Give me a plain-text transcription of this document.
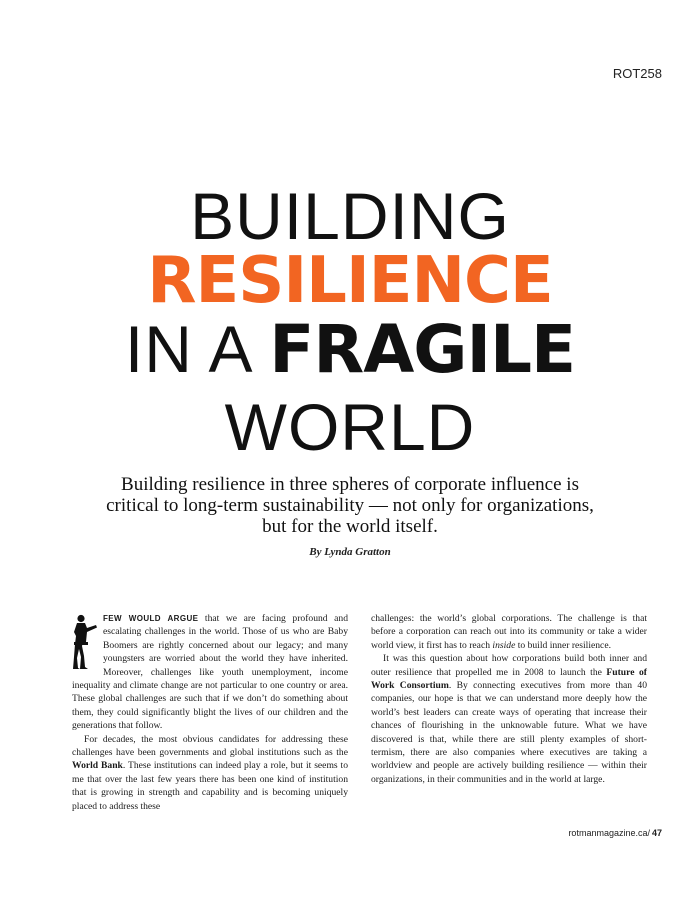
ROT258
BUILDING
RESILIENCE
IN A FRAGILE
WORLD
Building resilience in three spheres of corporate influence is critical to long-term sustainability — not only for organizations, but for the world itself.
By Lynda Gratton

FEW WOULD ARGUE that we are facing profound and escalating challenges in the world. Those of us who are Baby Boomers are rightly concerned about our legacy; and many youngsters are worried about the world they have inherited. Moreover, challenges like youth unemployment, income inequality and climate change are not particular to one country or area. These global challenges are such that if we don’t do something about them, they could significantly blight the lives of our children and the generations that follow.

For decades, the most obvious candidates for addressing these challenges have been governments and global institutions such as the World Bank. These institutions can indeed play a role, but it seems to me that over the last few years there has been one kind of institution that is growing in strength and capability and is becoming uniquely placed to address these

challenges: the world’s global corporations. The challenge is that before a corporation can reach out into its community or take a wider world view, it first has to reach inside to build inner resilience.

It was this question about how corporations build both inner and outer resilience that propelled me in 2008 to launch the Future of Work Consortium. By connecting executives from more than 40 companies, our hope is that we can understand more deeply how the world’s best leaders can create ways of operating that increase their chances of flourishing in the unknowable future. What we have discovered is that, while there are still plenty examples of short-termism, there are also companies where executives are taking a worldview and people are actively building resilience — within their organizations, in their communities and in the world at large.

rotmanmagazine.ca/ 47
